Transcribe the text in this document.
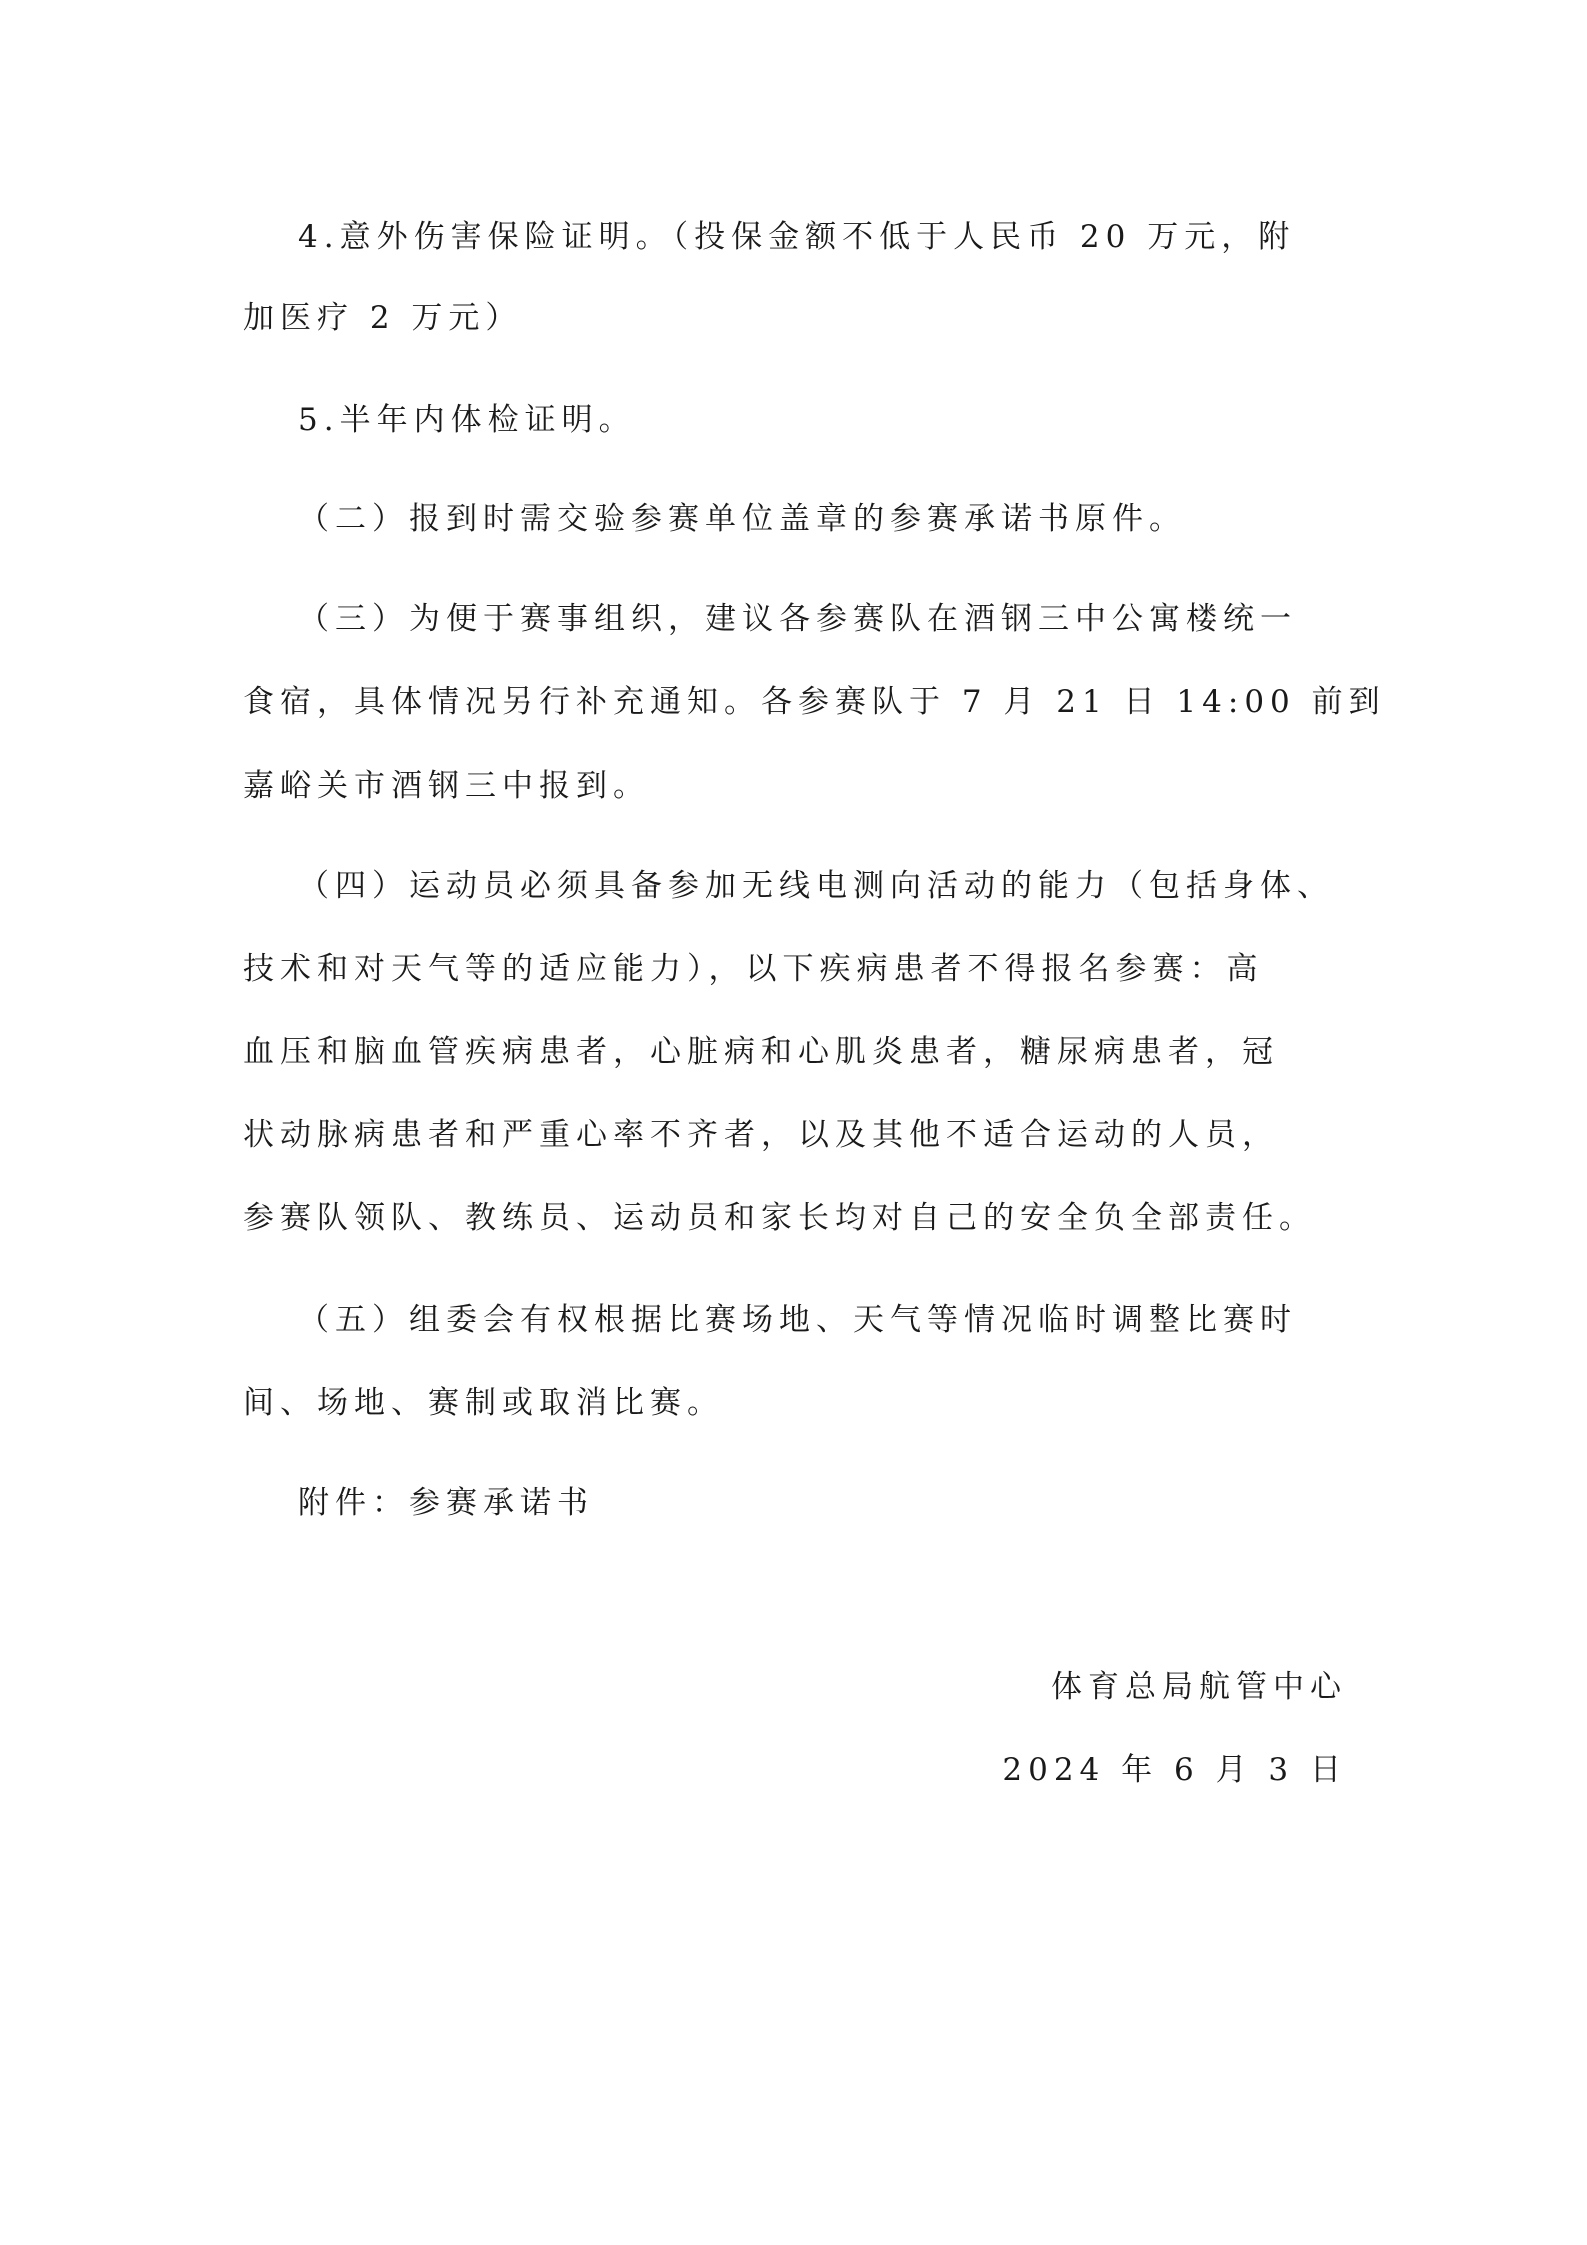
4.意外伤害保险证明。（投保金额不低于人民币 20 万元，附
加医疗 2 万元）
5.半年内体检证明。
（二）报到时需交验参赛单位盖章的参赛承诺书原件。
（三）为便于赛事组织，建议各参赛队在酒钢三中公寓楼统一
食宿，具体情况另行补充通知。各参赛队于 7 月 21 日 14:00 前到
嘉峪关市酒钢三中报到。
（四）运动员必须具备参加无线电测向活动的能力（包括身体、
技术和对天气等的适应能力），以下疾病患者不得报名参赛：高
血压和脑血管疾病患者，心脏病和心肌炎患者，糖尿病患者，冠
状动脉病患者和严重心率不齐者，以及其他不适合运动的人员，
参赛队领队、教练员、运动员和家长均对自己的安全负全部责任。
（五）组委会有权根据比赛场地、天气等情况临时调整比赛时
间、场地、赛制或取消比赛。
附件：参赛承诺书
体育总局航管中心
2024 年 6 月 3 日
